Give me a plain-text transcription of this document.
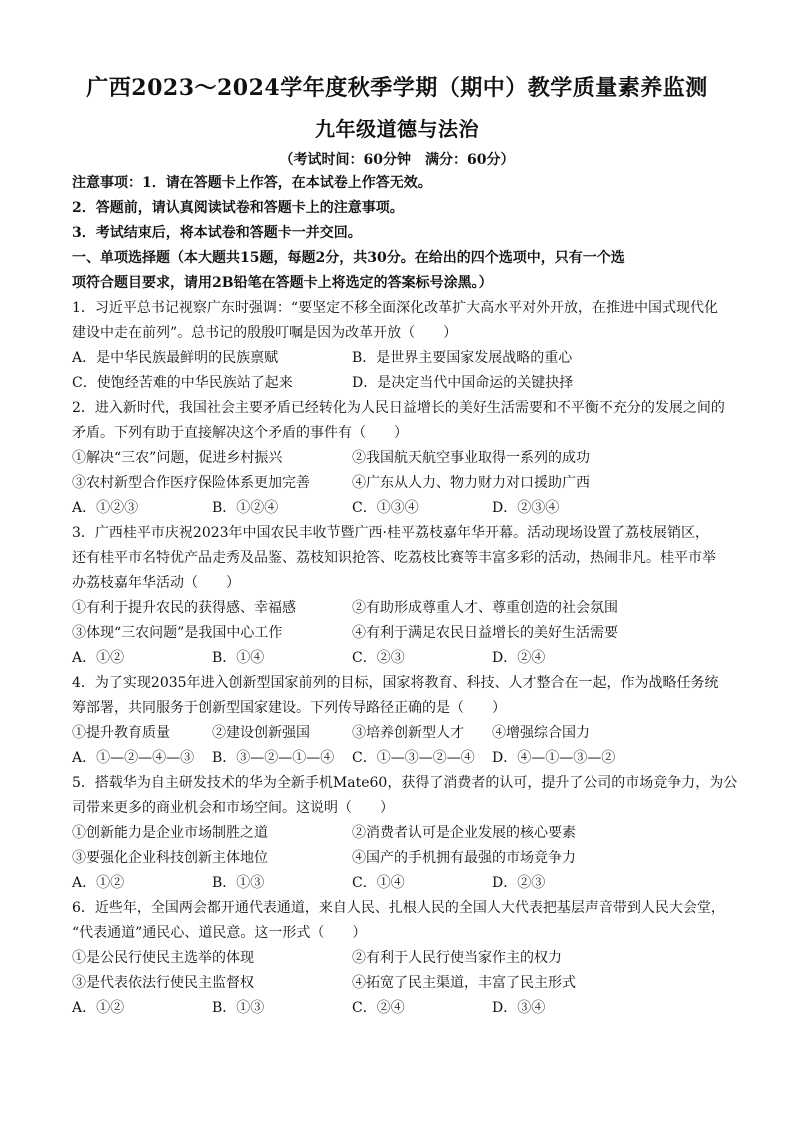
广西2023～2024学年度秋季学期（期中）教学质量素养监测
九年级道德与法治
（考试时间：60分钟　满分：60分）
注意事项：1．请在答题卡上作答，在本试卷上作答无效。
2．答题前，请认真阅读试卷和答题卡上的注意事项。
3．考试结束后，将本试卷和答题卡一并交回。
一、单项选择题（本大题共15题，每题2分，共30分。在给出的四个选项中，只有一个选
项符合题目要求，请用2B铅笔在答题卡上将选定的答案标号涂黑。）
1．习近平总书记视察广东时强调：“要坚定不移全面深化改革扩大高水平对外开放，在推进中国式现代化
建设中走在前列”。总书记的殷殷叮嘱是因为改革开放（　　）
A．是中华民族最鲜明的民族禀赋	B．是世界主要国家发展战略的重心
C．使饱经苦难的中华民族站了起来	D．是决定当代中国命运的关键抉择
2．进入新时代，我国社会主要矛盾已经转化为人民日益增长的美好生活需要和不平衡不充分的发展之间的
矛盾。下列有助于直接解决这个矛盾的事件有（　　）
①解决“三农”问题，促进乡村振兴	②我国航天航空事业取得一系列的成功
③农村新型合作医疗保险体系更加完善	④广东从人力、物力财力对口援助广西
A．①②③	B．①②④	C．①③④	D．②③④
3．广西桂平市庆祝2023年中国农民丰收节暨广西·桂平荔枝嘉年华开幕。活动现场设置了荔枝展销区，
还有桂平市名特优产品走秀及品鉴、荔枝知识抢答、吃荔枝比赛等丰富多彩的活动，热闹非凡。桂平市举
办荔枝嘉年华活动（　　）
①有利于提升农民的获得感、幸福感	②有助形成尊重人才、尊重创造的社会氛围
③体现“三农问题”是我国中心工作	④有利于满足农民日益增长的美好生活需要
A．①②	B．①④	C．②③	D．②④
4．为了实现2035年进入创新型国家前列的目标，国家将教育、科技、人才整合在一起，作为战略任务统
筹部署，共同服务于创新型国家建设。下列传导路径正确的是（　　）
①提升教育质量	②建设创新强国	③培养创新型人才 ④增强综合国力
A．①—②—④—③ B．③—②—①—④ C．①—③—②—④ D．④—①—③—②
5．搭载华为自主研发技术的华为全新手机Mate60，获得了消费者的认可，提升了公司的市场竞争力，为公
司带来更多的商业机会和市场空间。这说明（　　）
①创新能力是企业市场制胜之道	②消费者认可是企业发展的核心要素
③要强化企业科技创新主体地位	④国产的手机拥有最强的市场竞争力
A．①②	B．①③	C．①④	D．②③
6．近些年，全国两会都开通代表通道，来自人民、扎根人民的全国人大代表把基层声音带到人民大会堂，
“代表通道”通民心、道民意。这一形式（　　）
①是公民行使民主选举的体现	②有利于人民行使当家作主的权力
③是代表依法行使民主监督权	④拓宽了民主渠道，丰富了民主形式
A．①②	B．①③	C．②④	D．③④
